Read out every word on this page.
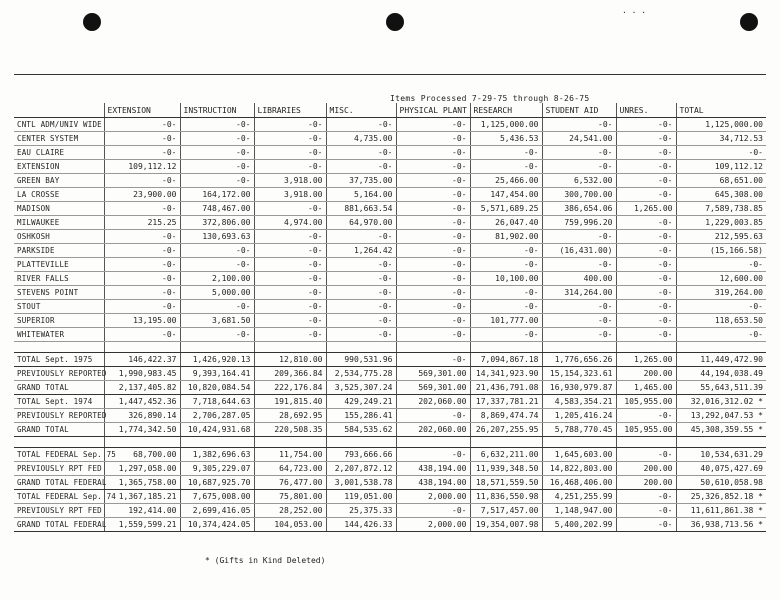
· · ·
Items Processed 7-29-75 through 8-26-75
	EXTENSION	INSTRUCTION	LIBRARIES	MISC.	PHYSICAL PLANT	RESEARCH	STUDENT AID	UNRES.	TOTAL
CNTL ADM/UNIV WIDE	-0-	-0-	-0-	-0-	-0-	1,125,000.00	-0-	-0-	1,125,000.00
CENTER SYSTEM	-0-	-0-	-0-	4,735.00	-0-	5,436.53	24,541.00	-0-	34,712.53
EAU CLAIRE	-0-	-0-	-0-	-0-	-0-	-0-	-0-	-0-	-0-
EXTENSION	109,112.12	-0-	-0-	-0-	-0-	-0-	-0-	-0-	109,112.12
GREEN BAY	-0-	-0-	3,918.00	37,735.00	-0-	25,466.00	6,532.00	-0-	68,651.00
LA CROSSE	23,900.00	164,172.00	3,918.00	5,164.00	-0-	147,454.00	300,700.00	-0-	645,308.00
MADISON	-0-	748,467.00	-0-	881,663.54	-0-	5,571,689.25	386,654.06	1,265.00	7,589,738.85
MILWAUKEE	215.25	372,806.00	4,974.00	64,970.00	-0-	26,047.40	759,996.20	-0-	1,229,003.85
OSHKOSH	-0-	130,693.63	-0-	-0-	-0-	81,902.00	-0-	-0-	212,595.63
PARKSIDE	-0-	-0-	-0-	1,264.42	-0-	-0-	(16,431.00)	-0-	(15,166.58)
PLATTEVILLE	-0-	-0-	-0-	-0-	-0-	-0-	-0-	-0-	-0-
RIVER FALLS	-0-	2,100.00	-0-	-0-	-0-	10,100.00	400.00	-0-	12,600.00
STEVENS POINT	-0-	5,000.00	-0-	-0-	-0-	-0-	314,264.00	-0-	319,264.00
STOUT	-0-	-0-	-0-	-0-	-0-	-0-	-0-	-0-	-0-
SUPERIOR	13,195.00	3,681.50	-0-	-0-	-0-	101,777.00	-0-	-0-	118,653.50
WHITEWATER	-0-	-0-	-0-	-0-	-0-	-0-	-0-	-0-	-0-

TOTAL Sept. 1975	146,422.37	1,426,920.13	12,810.00	990,531.96	-0-	7,094,867.18	1,776,656.26	1,265.00	11,449,472.90
PREVIOUSLY REPORTED	1,990,983.45	9,393,164.41	209,366.84	2,534,775.28	569,301.00	14,341,923.90	15,154,323.61	200.00	44,194,038.49
GRAND TOTAL	2,137,405.82	10,820,084.54	222,176.84	3,525,307.24	569,301.00	21,436,791.08	16,930,979.87	1,465.00	55,643,511.39
TOTAL Sept. 1974	1,447,452.36	7,718,644.63	191,815.40	429,249.21	202,060.00	17,337,781.21	4,583,354.21	105,955.00	32,016,312.02 *
PREVIOUSLY REPORTED	326,890.14	2,706,287.05	28,692.95	155,286.41	-0-	8,869,474.74	1,205,416.24	-0-	13,292,047.53 *
GRAND TOTAL	1,774,342.50	10,424,931.68	220,508.35	584,535.62	202,060.00	26,207,255.95	5,788,770.45	105,955.00	45,308,359.55 *

TOTAL FEDERAL Sep. 75	68,700.00	1,382,696.63	11,754.00	793,666.66	-0-	6,632,211.00	1,645,603.00	-0-	10,534,631.29
PREVIOUSLY RPT FED	1,297,058.00	9,305,229.07	64,723.00	2,207,872.12	438,194.00	11,939,348.50	14,822,803.00	200.00	40,075,427.69
GRAND TOTAL FEDERAL	1,365,758.00	10,687,925.70	76,477.00	3,001,538.78	438,194.00	18,571,559.50	16,468,406.00	200.00	50,610,058.98
TOTAL FEDERAL Sep. 74	1,367,185.21	7,675,008.00	75,801.00	119,051.00	2,000.00	11,836,550.98	4,251,255.99	-0-	25,326,852.18 *
PREVIOUSLY RPT FED	192,414.00	2,699,416.05	28,252.00	25,375.33	-0-	7,517,457.00	1,148,947.00	-0-	11,611,861.38 *
GRAND TOTAL FEDERAL	1,559,599.21	10,374,424.05	104,053.00	144,426.33	2,000.00	19,354,007.98	5,400,202.99	-0-	36,938,713.56 *
* (Gifts in Kind Deleted)
